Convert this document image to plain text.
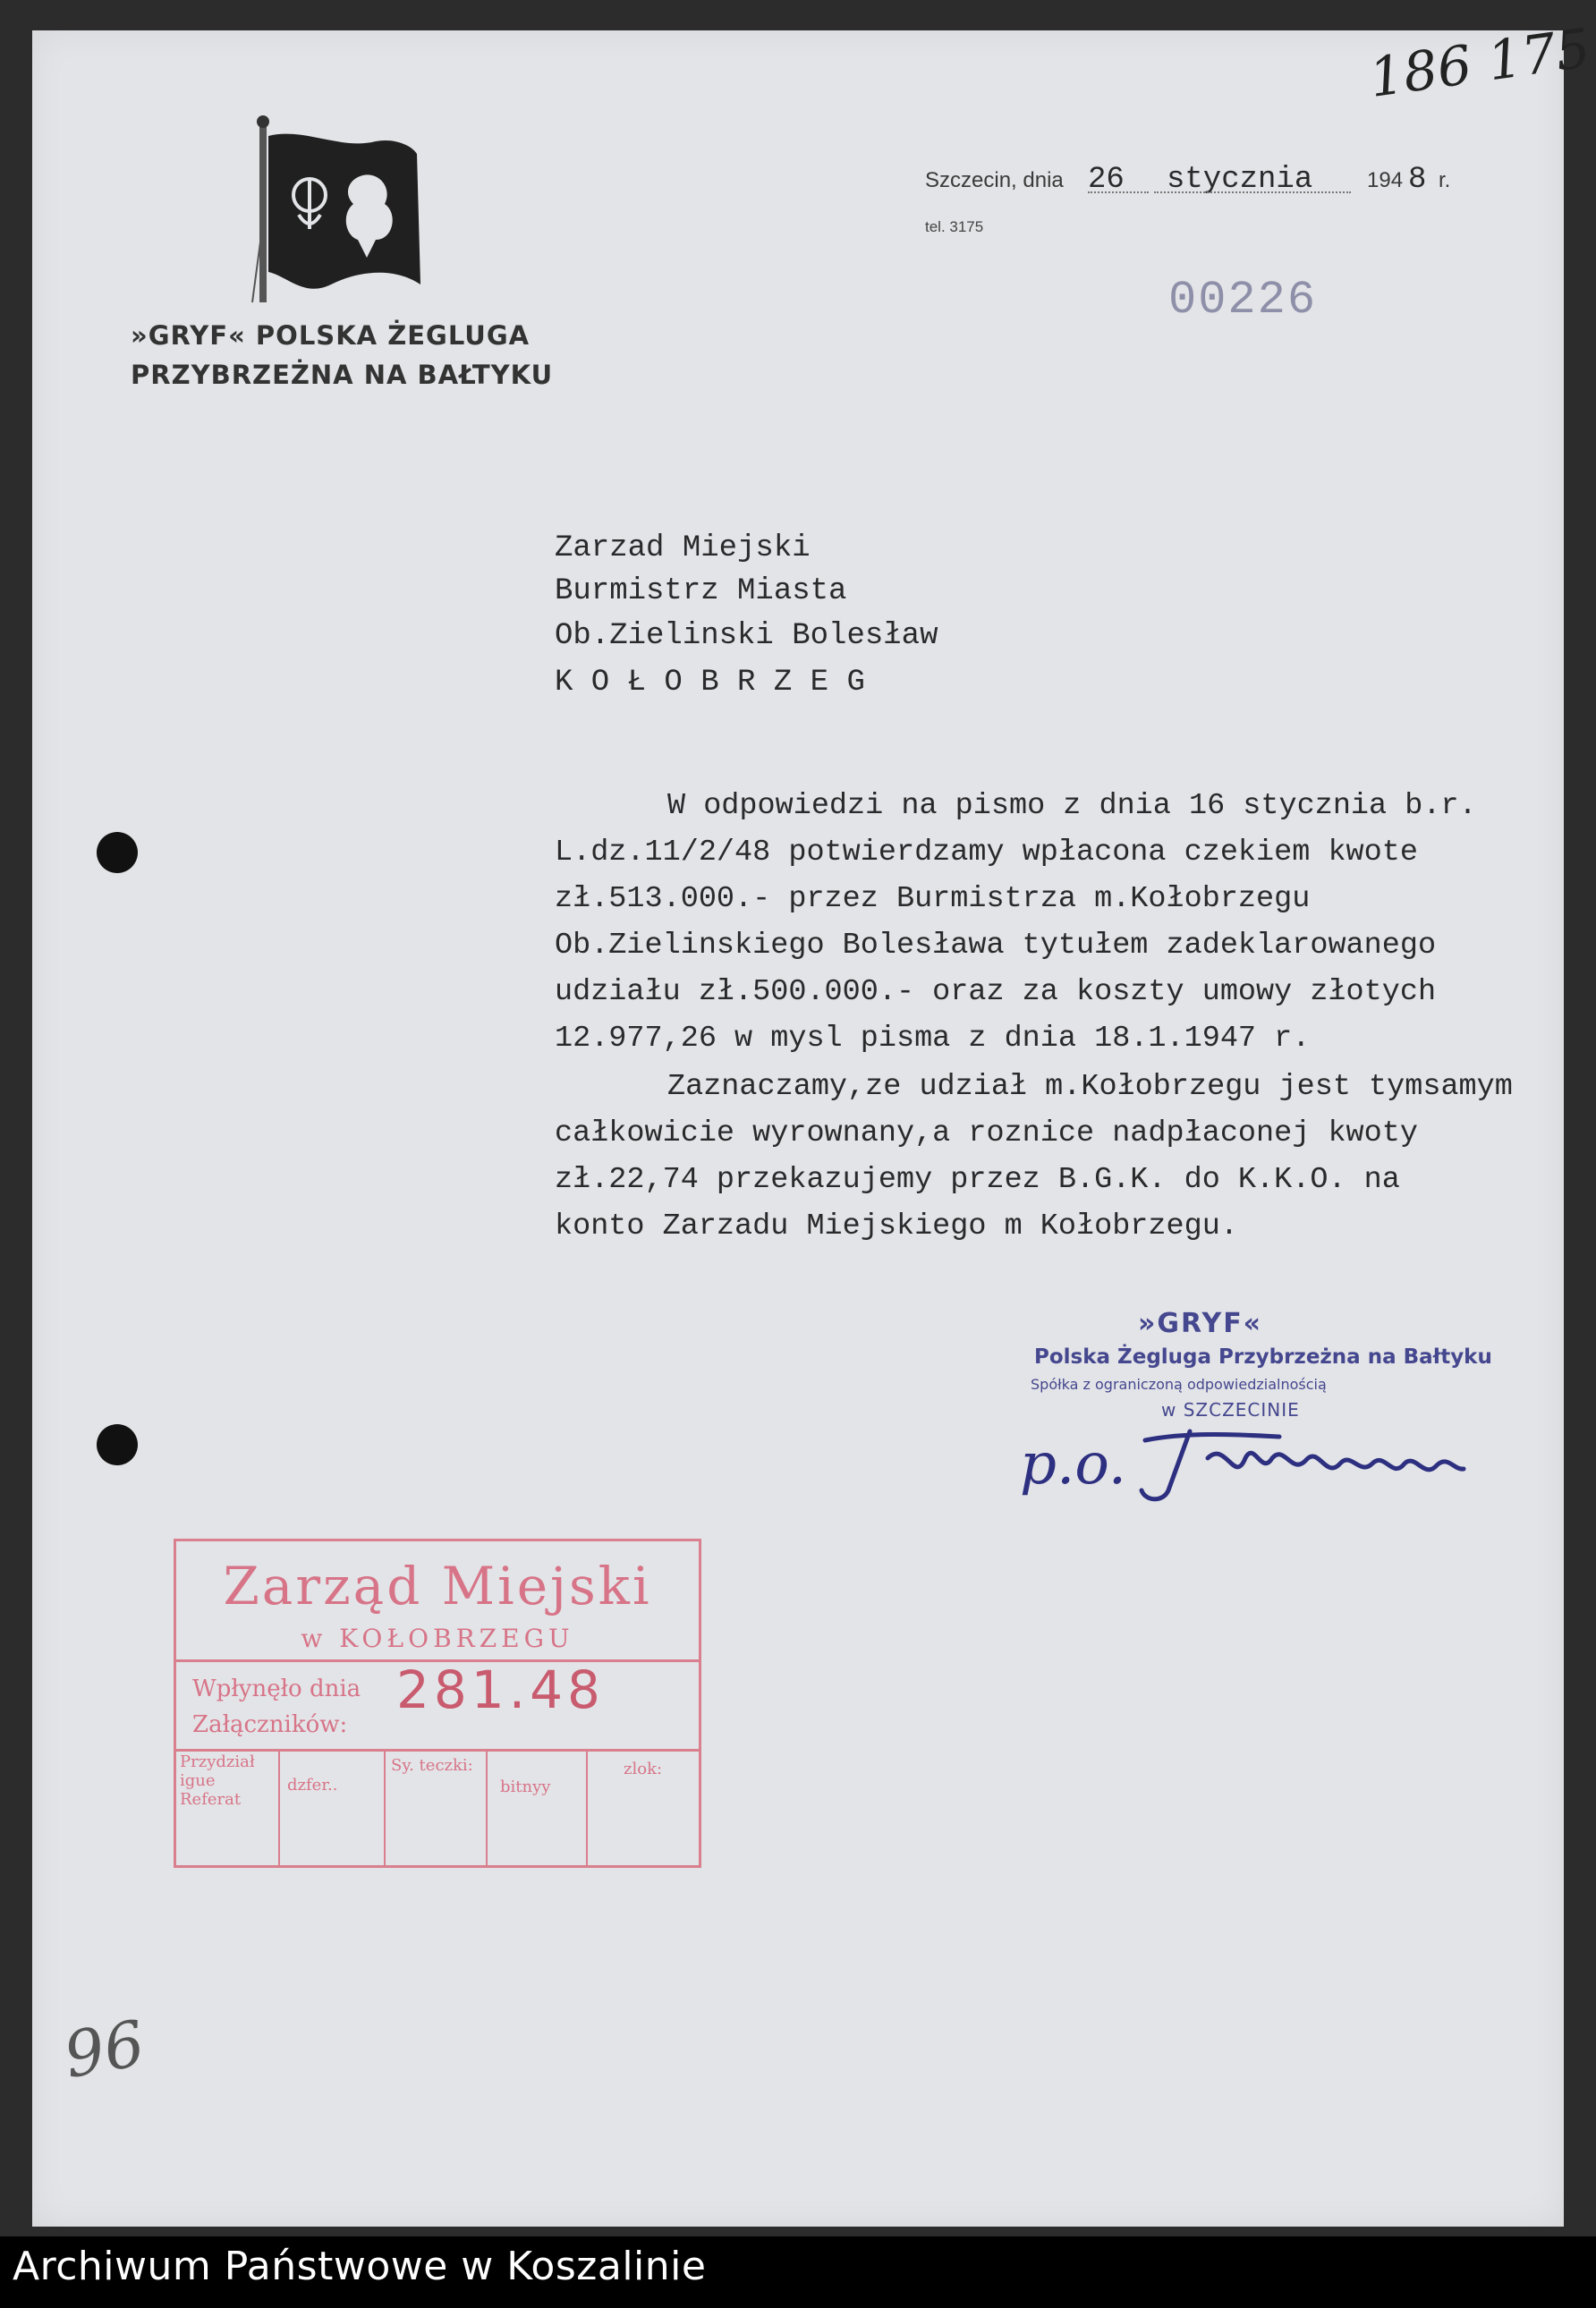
186 175
»GRYF« POLSKA ŻEGLUGA
PRZYBRZEŻNA NA BAŁTYKU
Szczecin, dnia 26 stycznia	194 8 r.
tel. 3175
00226
Zarzad Miejski
Burmistrz Miasta
Ob.Zielinski Bolesław
K O Ł O B R Z E G
W odpowiedzi na pismo z dnia 16 stycznia b.r.
L.dz.11/2/48 potwierdzamy wpłacona czekiem kwote
zł.513.000.- przez Burmistrza m.Kołobrzegu
Ob.Zielinskiego Bolesława tytułem zadeklarowanego
udziału zł.500.000.- oraz za koszty umowy złotych
12.977,26 w mysl pisma z dnia 18.1.1947 r.
Zaznaczamy,ze udział m.Kołobrzegu jest tymsamym
całkowicie wyrownany,a roznice nadpłaconej kwoty
zł.22,74 przekazujemy przez B.G.K. do K.K.O. na
konto Zarzadu Miejskiego m Kołobrzegu.
»GRYF«
Polska Żegluga Przybrzeżna na Bałtyku
Spółka z ograniczoną odpowiedzialnością
w SZCZECINIE
p.o.
Zarząd Miejski
w KOŁOBRZEGU
Wpłynęło dnia 281.48
Załączników:
Przydział iguе Referat
dzfer..
Sy. teczki:
bitnyy
zlok:
96
Archiwum Państwowe w Koszalinie
